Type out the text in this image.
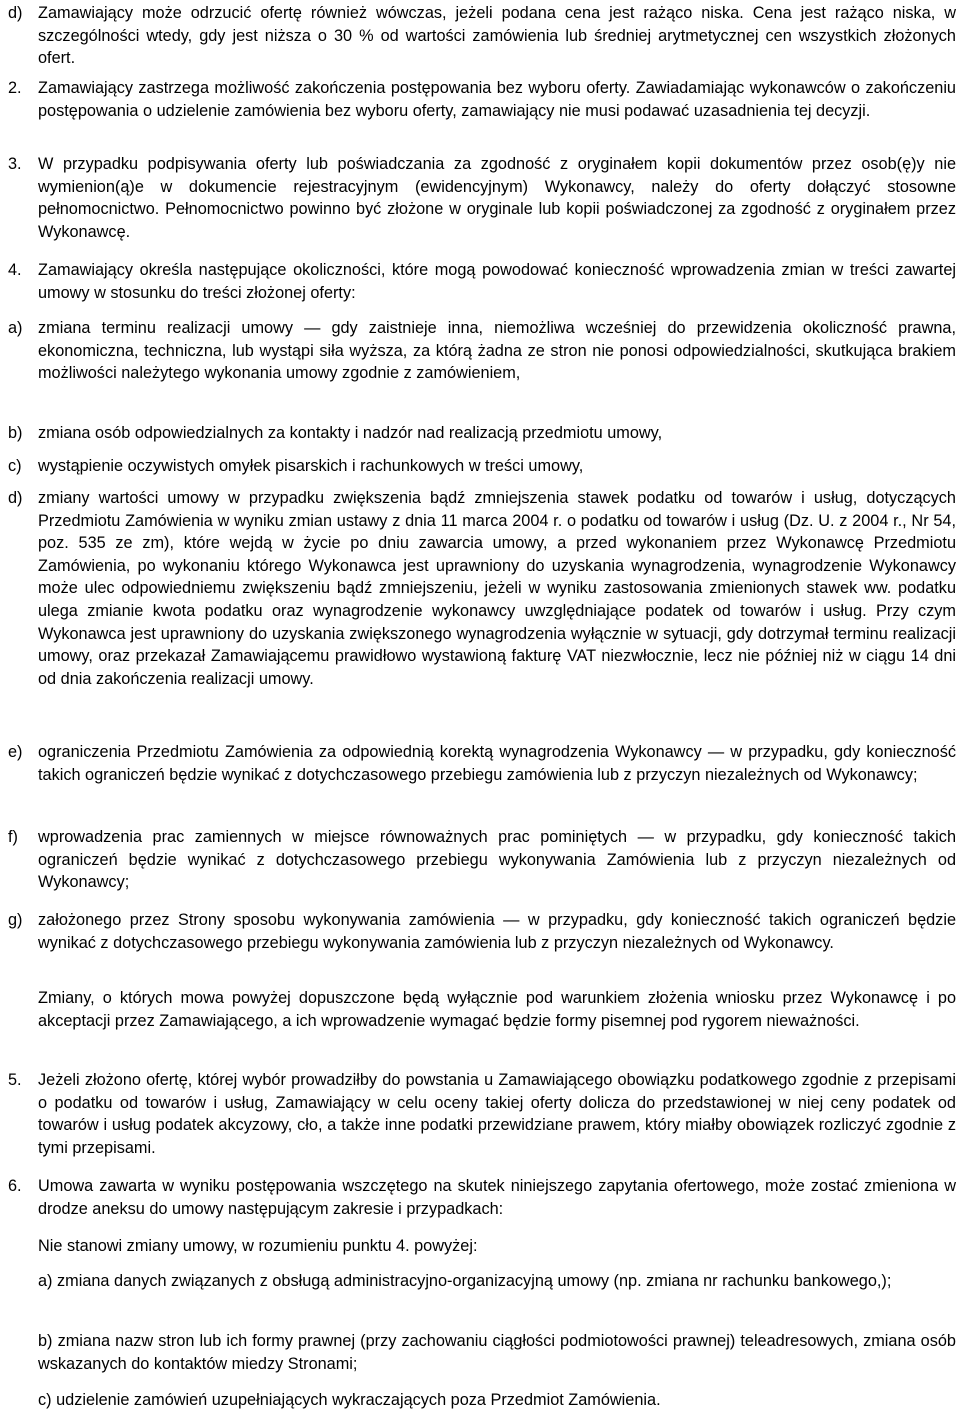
d) Zamawiający może odrzucić ofertę również wówczas, jeżeli podana cena jest rażąco niska. Cena jest rażąco niska, w szczególności wtedy, gdy jest niższa o 30 % od wartości zamówienia lub średniej arytmetycznej cen wszystkich złożonych ofert.
2.	Zamawiający zastrzega możliwość zakończenia postępowania bez wyboru oferty. Zawiadamiając wykonawców o zakończeniu postępowania o udzielenie zamówienia bez wyboru oferty, zamawiający nie musi podawać uzasadnienia tej decyzji.
3.	W przypadku podpisywania oferty lub poświadczania za zgodność z oryginałem kopii dokumentów przez osob(ę)y nie wymienion(ą)e w dokumencie rejestracyjnym (ewidencyjnym) Wykonawcy, należy do oferty dołączyć stosowne pełnomocnictwo. Pełnomocnictwo powinno być złożone w oryginale lub kopii poświadczonej za zgodność z oryginałem przez Wykonawcę.
4.	Zamawiający określa następujące okoliczności, które mogą powodować konieczność wprowadzenia zmian w treści zawartej umowy w stosunku do treści złożonej oferty:
a) zmiana terminu realizacji umowy — gdy zaistnieje inna, niemożliwa wcześniej do przewidzenia okoliczność prawna, ekonomiczna, techniczna, lub wystąpi siła wyższa, za którą żadna ze stron nie ponosi odpowiedzialności, skutkująca brakiem możliwości należytego wykonania umowy zgodnie z zamówieniem,
b) zmiana osób odpowiedzialnych za kontakty i nadzór nad realizacją przedmiotu umowy,
c)	wystąpienie oczywistych omyłek pisarskich i rachunkowych w treści umowy,
d) zmiany wartości umowy w przypadku zwiększenia bądź zmniejszenia stawek podatku od towarów i usług, dotyczących Przedmiotu Zamówienia w wyniku zmian ustawy z dnia 11 marca 2004 r. o podatku od towarów i usług (Dz. U. z 2004 r., Nr 54, poz. 535 ze zm), które wejdą w życie po dniu zawarcia umowy, a przed wykonaniem przez Wykonawcę Przedmiotu Zamówienia, po wykonaniu którego Wykonawca jest uprawniony do uzyskania wynagrodzenia, wynagrodzenie Wykonawcy może ulec odpowiedniemu zwiększeniu bądź zmniejszeniu, jeżeli w wyniku zastosowania zmienionych stawek ww. podatku ulega zmianie kwota podatku oraz wynagrodzenie wykonawcy uwzględniające podatek od towarów i usług. Przy czym Wykonawca jest uprawniony do uzyskania zwiększonego wynagrodzenia wyłącznie w sytuacji, gdy dotrzymał terminu realizacji umowy, oraz przekazał Zamawiającemu prawidłowo wystawioną fakturę VAT niezwłocznie, lecz nie później niż w ciągu 14 dni od dnia zakończenia realizacji umowy.
e) ograniczenia Przedmiotu Zamówienia za odpowiednią korektą wynagrodzenia Wykonawcy — w przypadku, gdy konieczność takich ograniczeń będzie wynikać z dotychczasowego przebiegu zamówienia lub z przyczyn niezależnych od Wykonawcy;
f)	wprowadzenia prac zamiennych w miejsce równoważnych prac pominiętych — w przypadku, gdy konieczność takich ograniczeń będzie wynikać z dotychczasowego przebiegu wykonywania Zamówienia lub z przyczyn niezależnych od Wykonawcy;
g) założonego przez Strony sposobu wykonywania zamówienia — w przypadku, gdy konieczność takich ograniczeń będzie wynikać z dotychczasowego przebiegu wykonywania zamówienia lub z przyczyn niezależnych od Wykonawcy.
Zmiany, o których mowa powyżej dopuszczone będą wyłącznie pod warunkiem złożenia wniosku przez Wykonawcę i po akceptacji przez Zamawiającego, a ich wprowadzenie wymagać będzie formy pisemnej pod rygorem nieważności.
5.	Jeżeli złożono ofertę, której wybór prowadziłby do powstania u Zamawiającego obowiązku podatkowego zgodnie z przepisami o podatku od towarów i usług, Zamawiający w celu oceny takiej oferty dolicza do przedstawionej w niej ceny podatek od towarów i usług podatek akcyzowy, cło, a także inne podatki przewidziane prawem, który miałby obowiązek rozliczyć zgodnie z tymi przepisami.
6.	Umowa zawarta w wyniku postępowania wszczętego na skutek niniejszego zapytania ofertowego, może zostać zmieniona w drodze aneksu do umowy następującym zakresie i przypadkach:
Nie stanowi zmiany umowy, w rozumieniu punktu 4. powyżej:
a) zmiana danych związanych z obsługą administracyjno-organizacyjną umowy (np. zmiana nr rachunku bankowego,);
b) zmiana nazw stron lub ich formy prawnej (przy zachowaniu ciągłości podmiotowości prawnej) teleadresowych, zmiana osób wskazanych do kontaktów miedzy Stronami;
c) udzielenie zamówień uzupełniających wykraczających poza Przedmiot Zamówienia.
